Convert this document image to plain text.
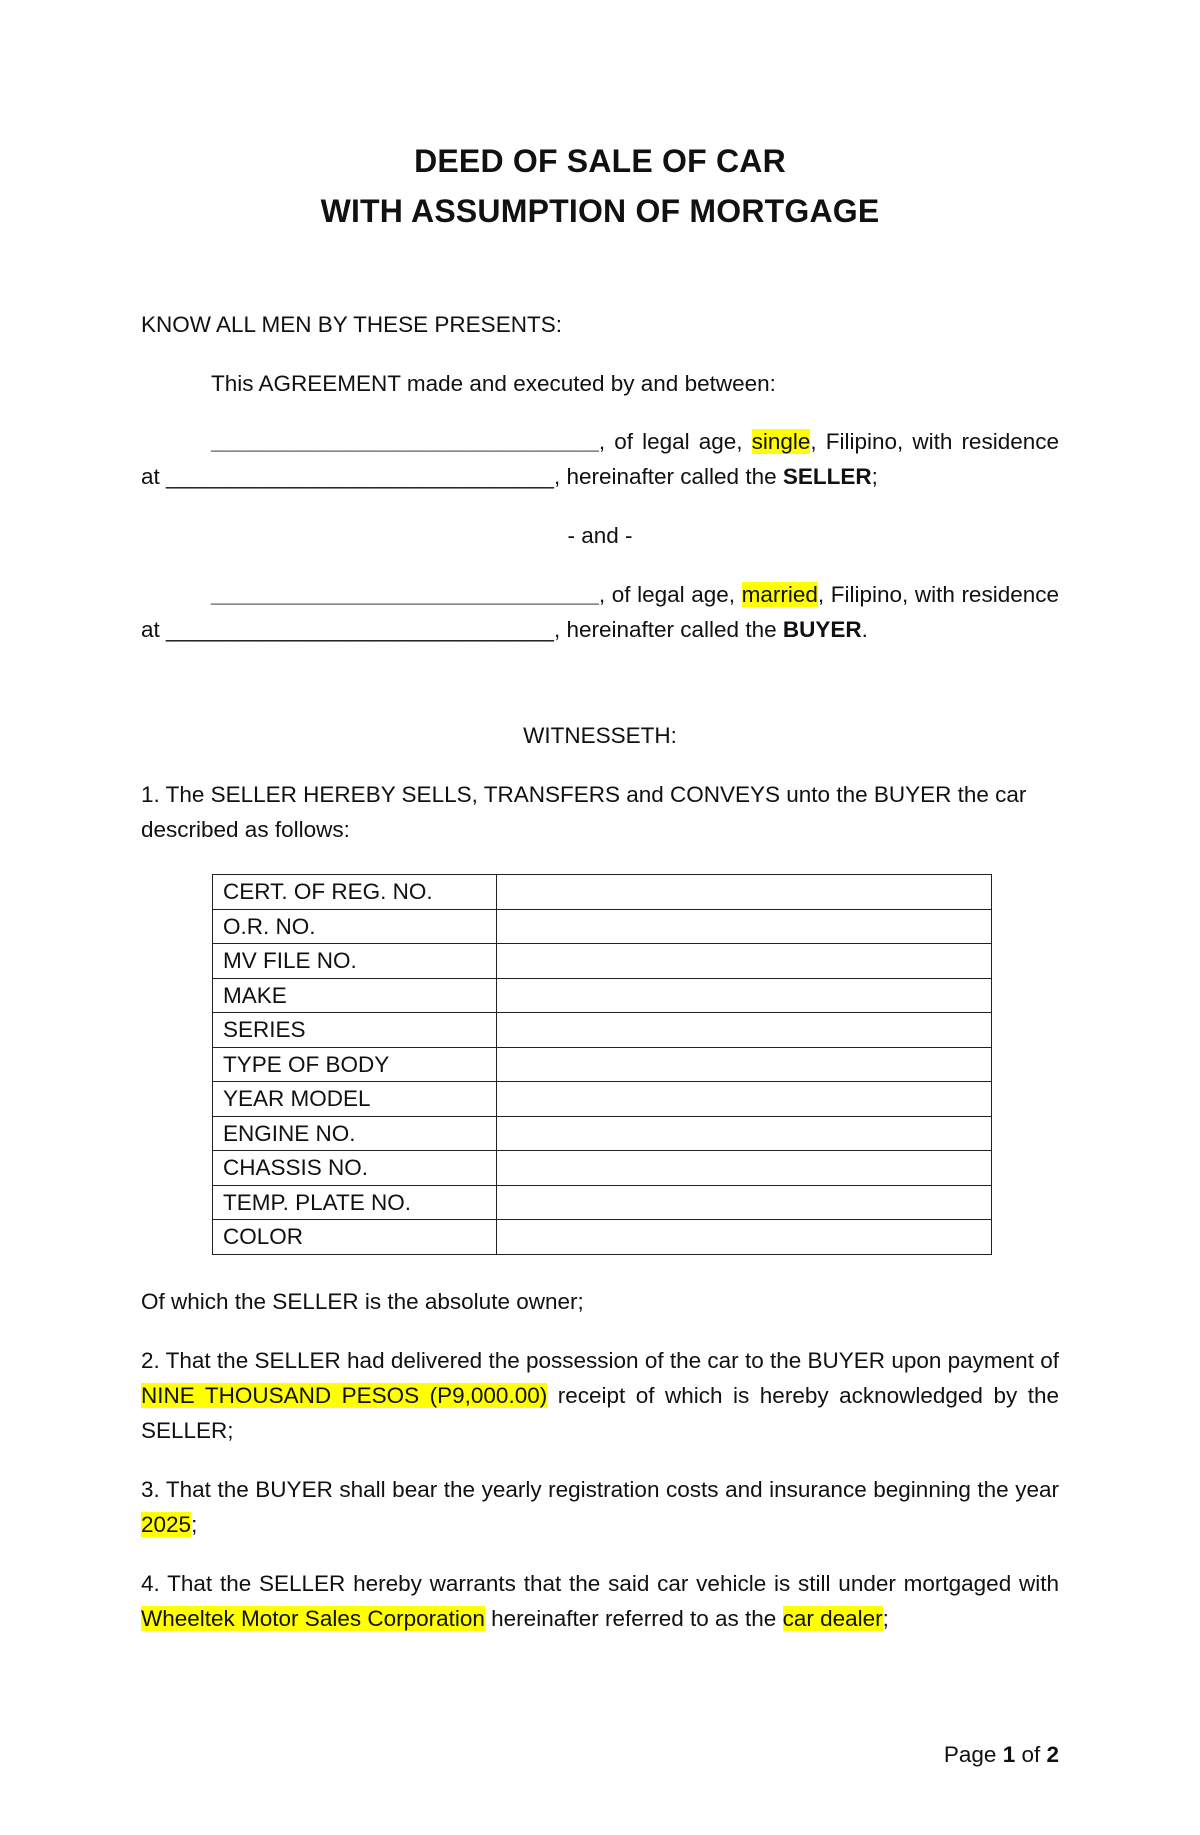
DEED OF SALE OF CAR
WITH ASSUMPTION OF MORTGAGE
KNOW ALL MEN BY THESE PRESENTS:
This AGREEMENT made and executed by and between:
_______________________________, of legal age, single, Filipino, with residence at _______________________________, hereinafter called the SELLER;
- and -
_______________________________, of legal age, married, Filipino, with residence at _______________________________, hereinafter called the BUYER.
WITNESSETH:
1. The SELLER HEREBY SELLS, TRANSFERS and CONVEYS unto the BUYER the car described as follows:
CERT. OF REG. NO.	
O.R. NO.	
MV FILE NO.	
MAKE	
SERIES	
TYPE OF BODY	
YEAR MODEL	
ENGINE NO.	
CHASSIS NO.	
TEMP. PLATE NO.	
COLOR	
Of which the SELLER is the absolute owner;
2. That the SELLER had delivered the possession of the car to the BUYER upon payment of NINE THOUSAND PESOS (P9,000.00) receipt of which is hereby acknowledged by the SELLER;
3. That the BUYER shall bear the yearly registration costs and insurance beginning the year 2025;
4. That the SELLER hereby warrants that the said car vehicle is still under mortgaged with Wheeltek Motor Sales Corporation hereinafter referred to as the car dealer;
Page 1 of 2
